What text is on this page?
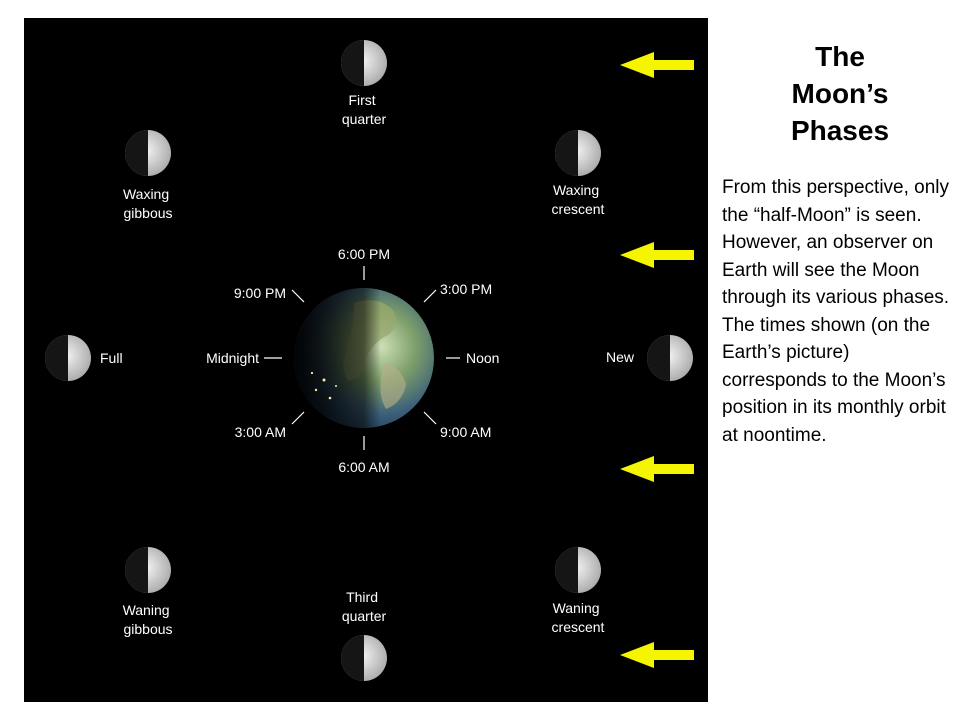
First quarter
Waxing gibbous
Waxing crescent
Full	New
Waning gibbous
Waning crescent
Third quarter
6:00 PM
3:00 PM
9:00 PM
Midnight	Noon
3:00 AM	9:00 AM
6:00 AM
The
Moon’s
Phases

From this perspective, only the “half-Moon” is seen. However, an observer on Earth will see the Moon through its various phases. The times shown (on the Earth’s picture) corresponds to the Moon’s position in its monthly orbit at noontime.
